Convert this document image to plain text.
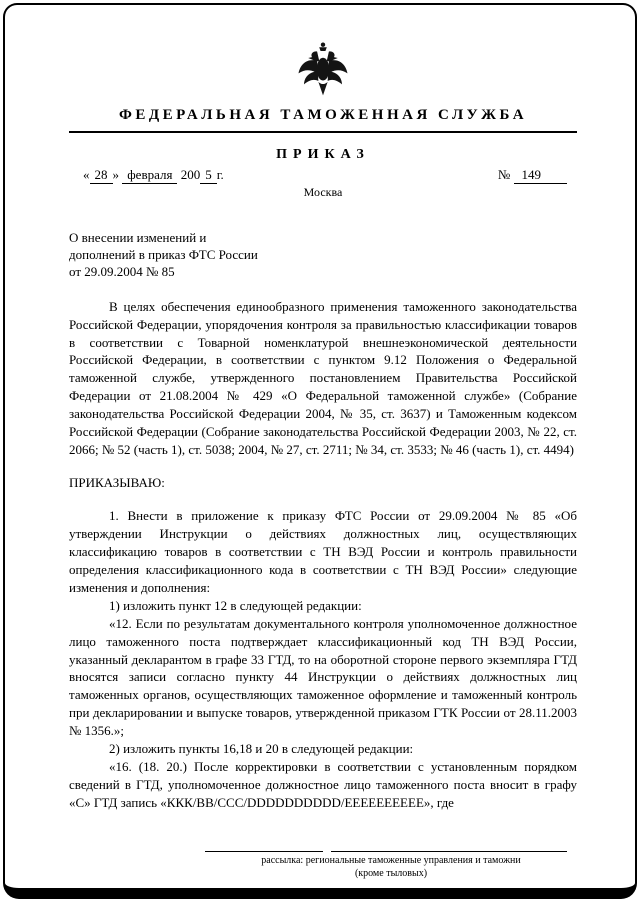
ФЕДЕРАЛЬНАЯ ТАМОЖЕННАЯ СЛУЖБА
ПРИКАЗ
« 28 » февраля 200 5 г.	№ 149
Москва
О внесении изменений и
дополнений в приказ ФТС России
от 29.09.2004 № 85

В целях обеспечения единообразного применения таможенного законодательства Российской Федерации, упорядочения контроля за правильностью классификации товаров в соответствии с Товарной номенклатурой внешнеэкономической деятельности Российской Федерации, в соответствии с пунктом 9.12 Положения о Федеральной таможенной службе, утвержденного постановлением Правительства Российской Федерации от 21.08.2004 № 429 «О Федеральной таможенной службе» (Собрание законодательства Российской Федерации 2004, № 35, ст. 3637) и Таможенным кодексом Российской Федерации (Собрание законодательства Российской Федерации 2003, № 22, ст. 2066; № 52 (часть 1), ст. 5038; 2004, № 27, ст. 2711; № 34, ст. 3533; № 46 (часть 1), ст. 4494)

ПРИКАЗЫВАЮ:

1. Внести в приложение к приказу ФТС России от 29.09.2004 № 85 «Об утверждении Инструкции о действиях должностных лиц, осуществляющих классификацию товаров в соответствии с ТН ВЭД России и контроль правильности определения классификационного кода в соответствии с ТН ВЭД России» следующие изменения и дополнения:

1) изложить пункт 12 в следующей редакции:

«12. Если по результатам документального контроля уполномоченное должностное лицо таможенного поста подтверждает классификационный код ТН ВЭД России, указанный декларантом в графе 33 ГТД, то на оборотной стороне первого экземпляра ГТД вносятся записи согласно пункту 44 Инструкции о действиях должностных лиц таможенных органов, осуществляющих таможенное оформление и таможенный контроль при декларировании и выпуске товаров, утвержденной приказом ГТК России от 28.11.2003 № 1356.»;

2) изложить пункты 16,18 и 20 в следующей редакции:

«16. (18. 20.) После корректировки в соответствии с установленным порядком сведений в ГТД, уполномоченное должностное лицо таможенного поста вносит в графу «С» ГТД запись «ККК/ВВ/ССС/DDDDDDDDDD/ЕЕЕЕЕЕЕЕЕЕ», где

рассылка: региональные таможенные управления и таможни
(кроме тыловых)
